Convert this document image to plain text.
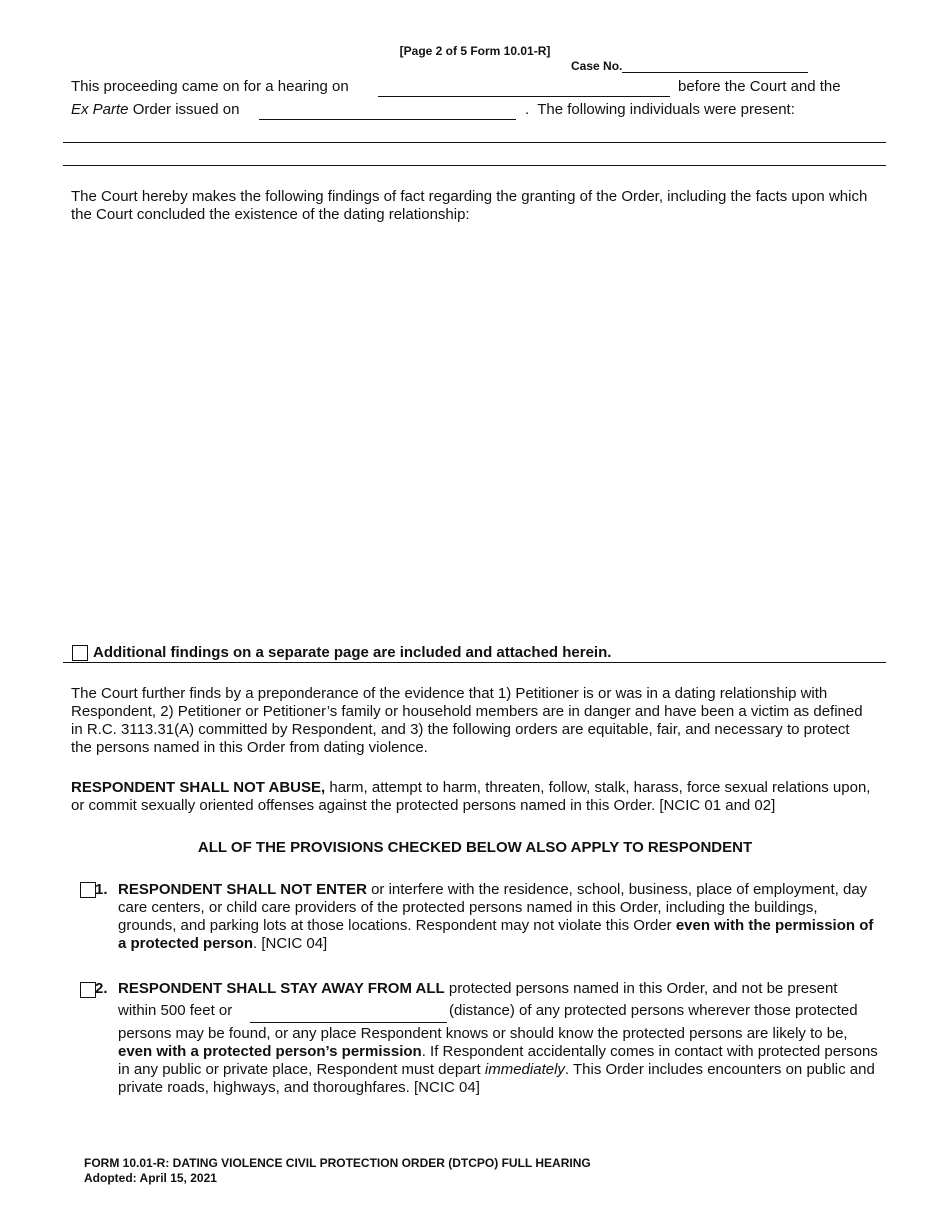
[Page 2 of 5 Form 10.01-R]
Case No.
This proceeding came on for a hearing on	before the Court and the
Ex Parte Order issued on	.  The following individuals were present:
The Court hereby makes the following findings of fact regarding the granting of the Order, including the facts upon which the Court concluded the existence of the dating relationship:
Additional findings on a separate page are included and attached herein.
The Court further finds by a preponderance of the evidence that 1) Petitioner is or was in a dating relationship with Respondent, 2) Petitioner or Petitioner’s family or household members are in danger and have been a victim as defined in R.C. 3113.31(A) committed by Respondent, and 3) the following orders are equitable, fair, and necessary to protect the persons named in this Order from dating violence.
RESPONDENT SHALL NOT ABUSE, harm, attempt to harm, threaten, follow, stalk, harass, force sexual relations upon, or commit sexually oriented offenses against the protected persons named in this Order. [NCIC 01 and 02]
ALL OF THE PROVISIONS CHECKED BELOW ALSO APPLY TO RESPONDENT
1. RESPONDENT SHALL NOT ENTER or interfere with the residence, school, business, place of employment, day care centers, or child care providers of the protected persons named in this Order, including the buildings, grounds, and parking lots at those locations. Respondent may not violate this Order even with the permission of a protected person. [NCIC 04]
2. RESPONDENT SHALL STAY AWAY FROM ALL protected persons named in this Order, and not be present
within 500 feet or	(distance) of any protected persons wherever those protected
persons may be found, or any place Respondent knows or should know the protected persons are likely to be, even with a protected person’s permission. If Respondent accidentally comes in contact with protected persons in any public or private place, Respondent must depart immediately. This Order includes encounters on public and private roads, highways, and thoroughfares. [NCIC 04]
FORM 10.01-R: DATING VIOLENCE CIVIL PROTECTION ORDER (DTCPO) FULL HEARING
Adopted: April 15, 2021
